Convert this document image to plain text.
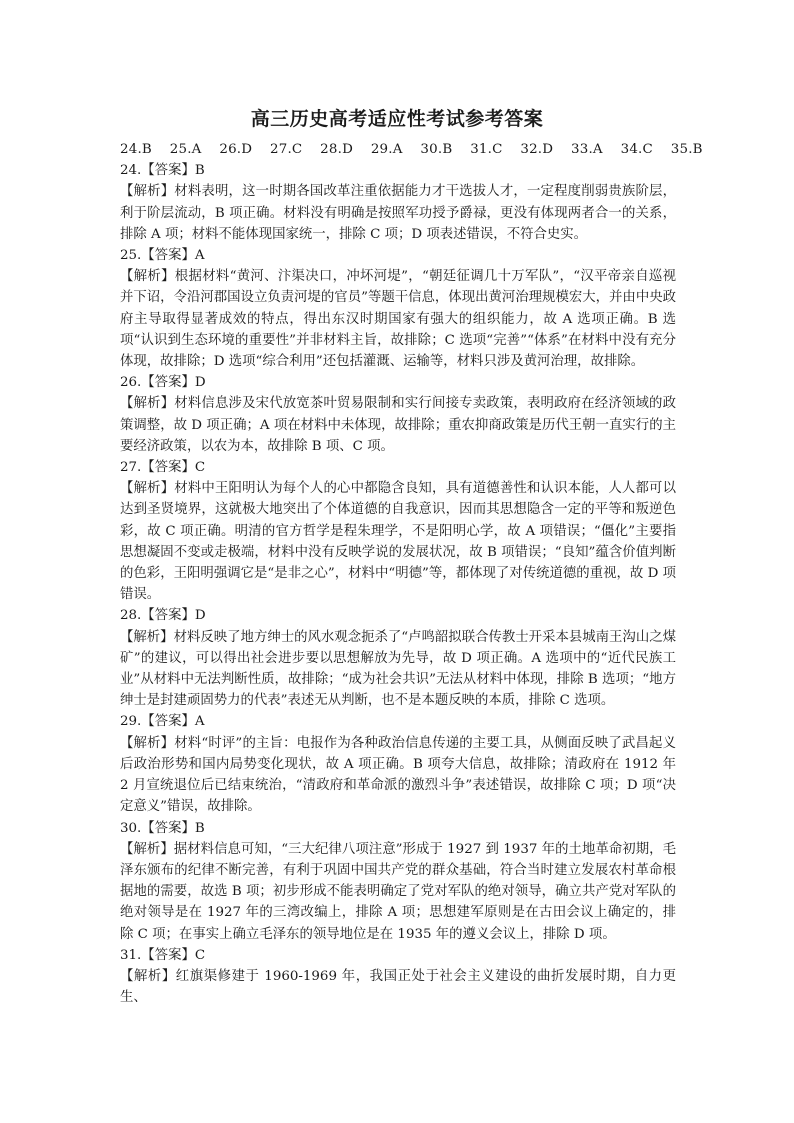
高三历史高考适应性考试参考答案
24.B    25.A    26.D    27.C    28.D    29.A    30.B    31.C    32.D    33.A    34.C    35.B
24.【答案】B
【解析】材料表明，这一时期各国改革注重依据能力才干选拔人才，一定程度削弱贵族阶层，利于阶层流动，B 项正确。材料没有明确是按照军功授予爵禄，更没有体现两者合一的关系，排除 A 项；材料不能体现国家统一，排除 C 项；D 项表述错误，不符合史实。
25.【答案】A
【解析】根据材料“黄河、汴渠决口，冲坏河堤”，“朝廷征调几十万军队”，“汉平帝亲自巡视并下诏，令沿河郡国设立负责河堤的官员”等题干信息，体现出黄河治理规模宏大，并由中央政府主导取得显著成效的特点，得出东汉时期国家有强大的组织能力，故 A 选项正确。B 选项“认识到生态环境的重要性”并非材料主旨，故排除；C 选项“完善”“体系”在材料中没有充分体现，故排除；D 选项“综合利用”还包括灌溉、运输等，材料只涉及黄河治理，故排除。
26.【答案】D
【解析】材料信息涉及宋代放宽茶叶贸易限制和实行间接专卖政策，表明政府在经济领域的政策调整，故 D 项正确；A 项在材料中未体现，故排除；重农抑商政策是历代王朝一直实行的主要经济政策，以农为本，故排除 B 项、C 项。
27.【答案】C
【解析】材料中王阳明认为每个人的心中都隐含良知，具有道德善性和认识本能，人人都可以达到圣贤境界，这就极大地突出了个体道德的自我意识，因而其思想隐含一定的平等和叛逆色彩，故 C 项正确。明清的官方哲学是程朱理学，不是阳明心学，故 A 项错误；“僵化”主要指思想凝固不变或走极端，材料中没有反映学说的发展状况，故 B 项错误；“良知”蕴含价值判断的色彩，王阳明强调它是“是非之心”，材料中“明德”等，都体现了对传统道德的重视，故 D 项错误。
28.【答案】D
【解析】材料反映了地方绅士的风水观念扼杀了“卢鸣韶拟联合传教士开采本县城南王沟山之煤矿”的建议，可以得出社会进步要以思想解放为先导，故 D 项正确。A 选项中的“近代民族工业”从材料中无法判断性质，故排除；“成为社会共识”无法从材料中体现，排除 B 选项；“地方绅士是封建顽固势力的代表”表述无从判断，也不是本题反映的本质，排除 C 选项。
29.【答案】A
【解析】材料“时评”的主旨：电报作为各种政治信息传递的主要工具，从侧面反映了武昌起义后政治形势和国内局势变化现状，故 A 项正确。B 项夸大信息，故排除；清政府在 1912 年 2 月宣统退位后已结束统治，“清政府和革命派的激烈斗争”表述错误，故排除 C 项；D 项“决定意义”错误，故排除。
30.【答案】B
【解析】据材料信息可知，“三大纪律八项注意”形成于 1927 到 1937 年的土地革命初期，毛泽东颁布的纪律不断完善，有利于巩固中国共产党的群众基础，符合当时建立发展农村革命根据地的需要，故选 B 项；初步形成不能表明确定了党对军队的绝对领导，确立共产党对军队的绝对领导是在 1927 年的三湾改编上，排除 A 项；思想建军原则是在古田会议上确定的，排除 C 项；在事实上确立毛泽东的领导地位是在 1935 年的遵义会议上，排除 D 项。
31.【答案】C
【解析】红旗渠修建于 1960-1969 年，我国正处于社会主义建设的曲折发展时期，自力更生、
